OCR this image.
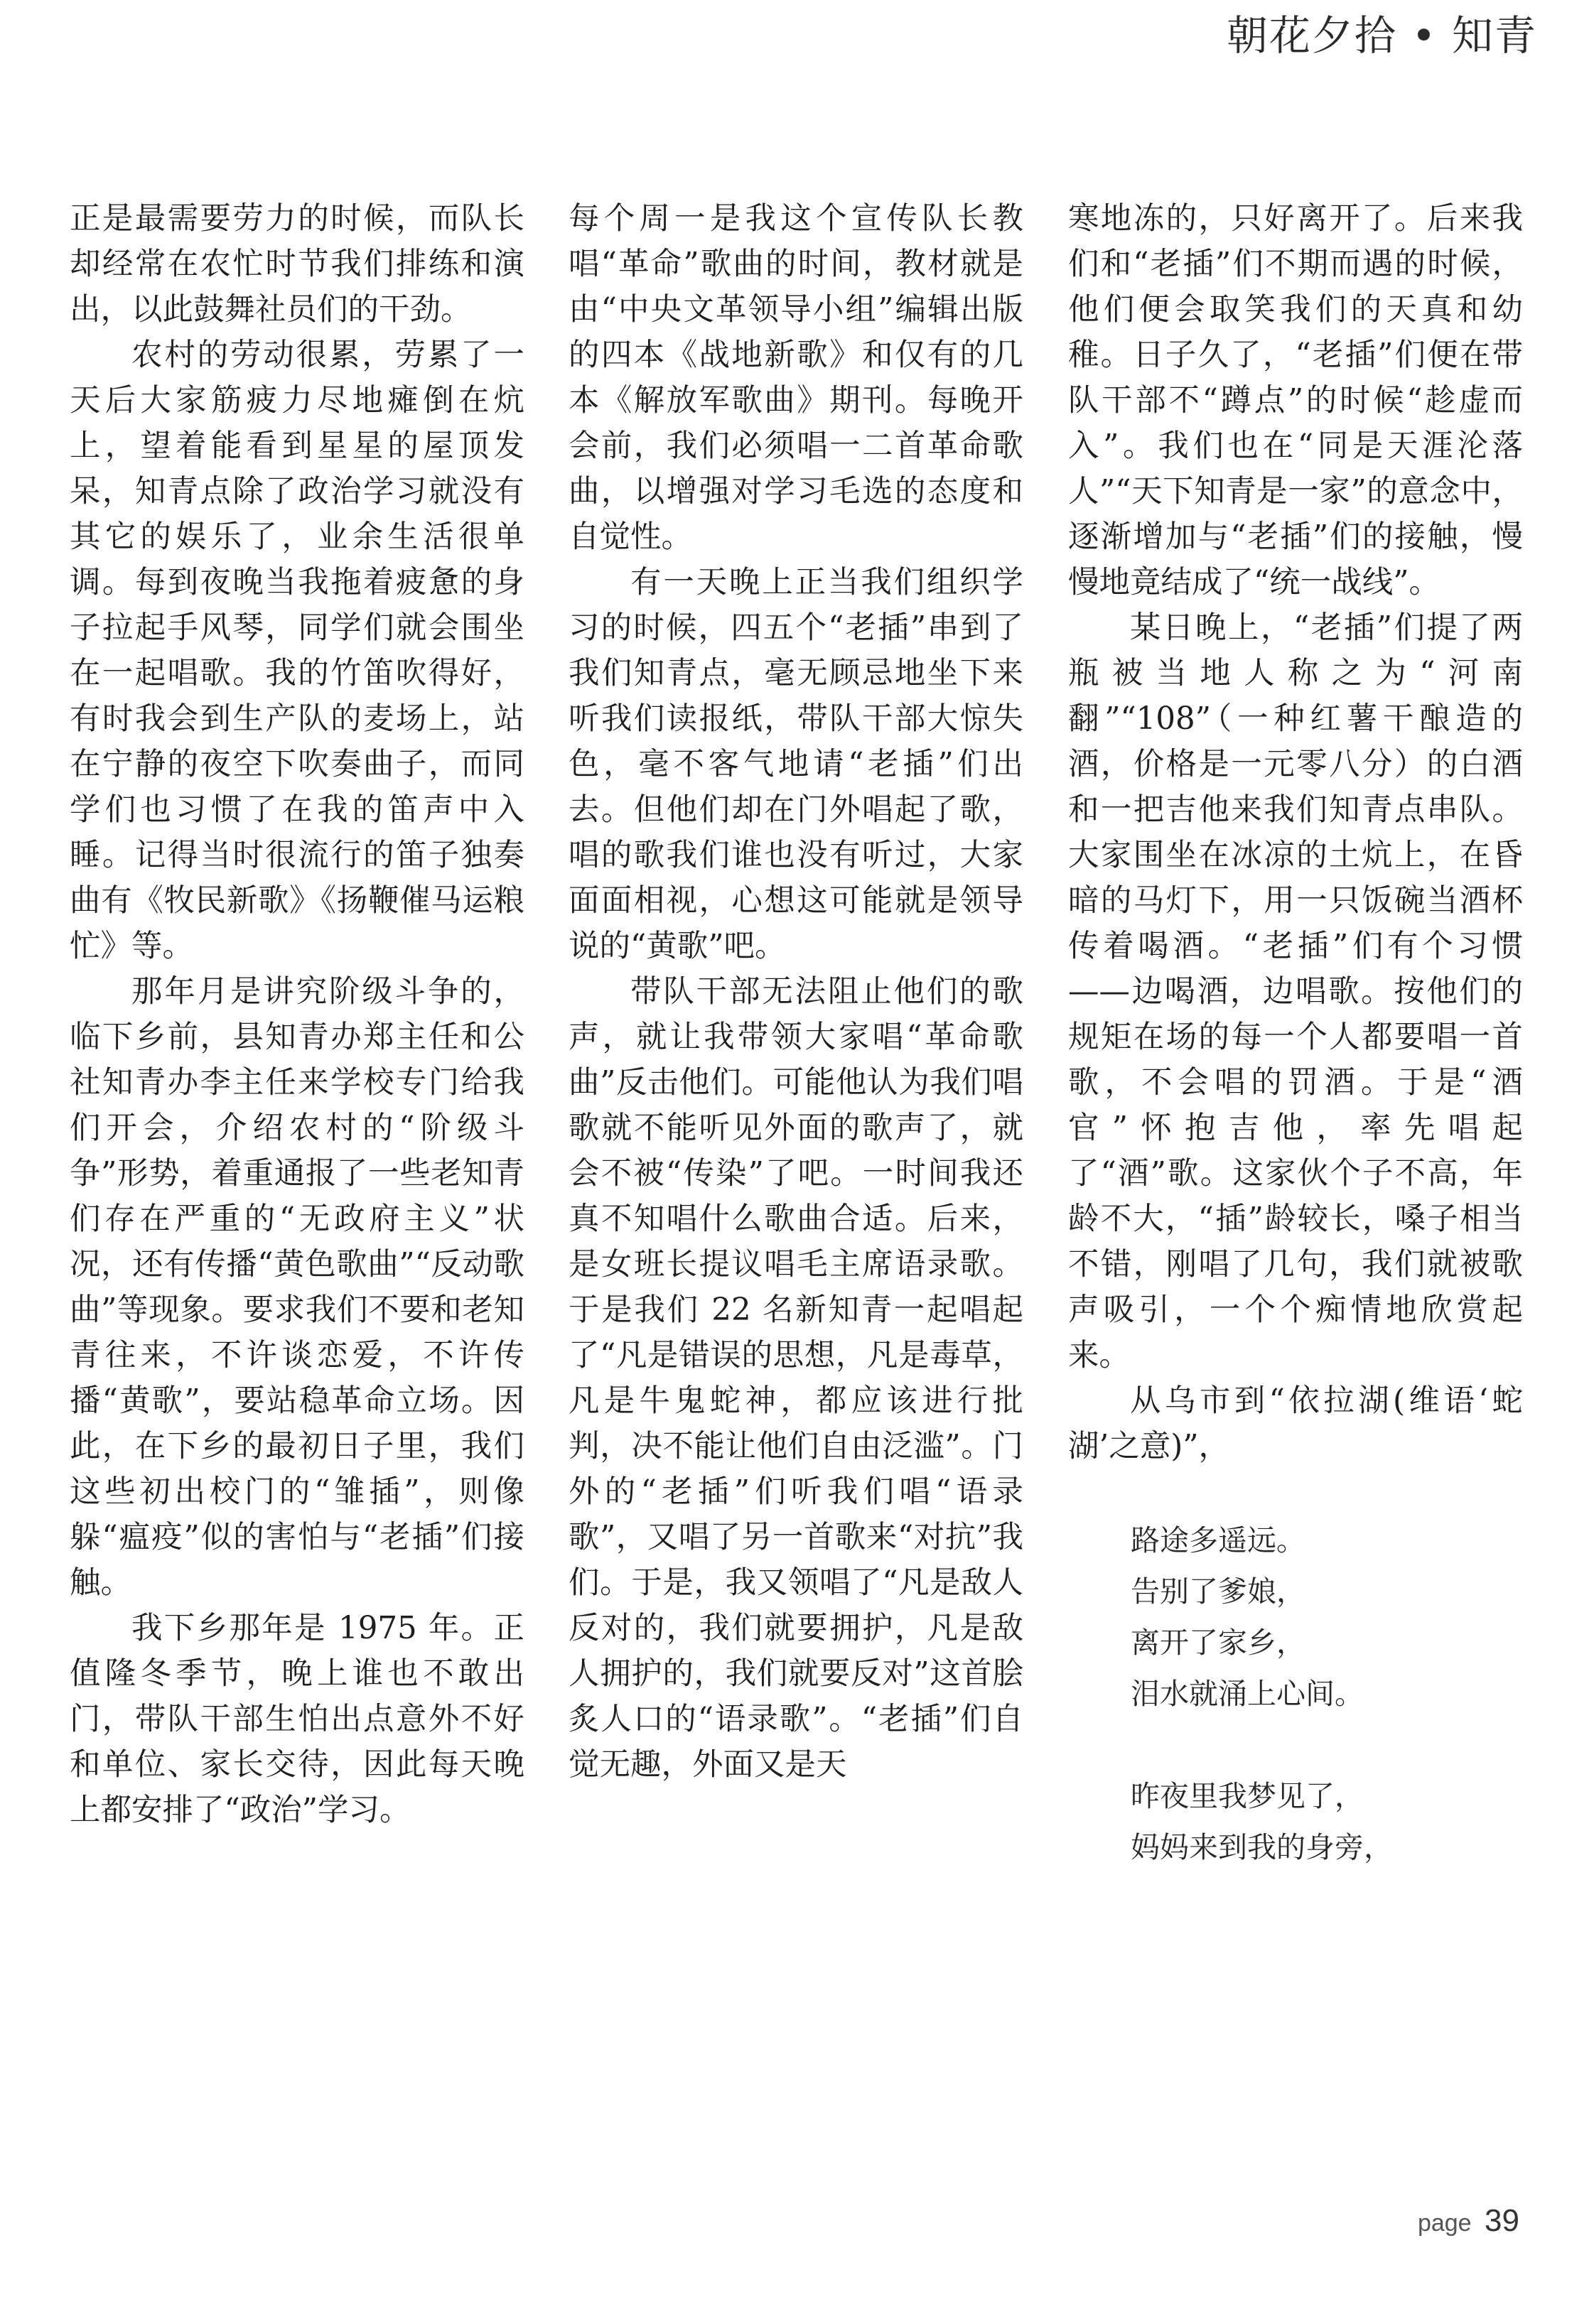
朝花夕拾 • 知青

正是最需要劳力的时候，而队长却经常在农忙时节我们排练和演出，以此鼓舞社员们的干劲。

农村的劳动很累，劳累了一天后大家筋疲力尽地瘫倒在炕上，望着能看到星星的屋顶发呆，知青点除了政治学习就没有其它的娱乐了，业余生活很单调。每到夜晚当我拖着疲惫的身子拉起手风琴，同学们就会围坐在一起唱歌。我的竹笛吹得好，有时我会到生产队的麦场上，站在宁静的夜空下吹奏曲子，而同学们也习惯了在我的笛声中入睡。记得当时很流行的笛子独奏曲有《牧民新歌》《扬鞭催马运粮忙》等。

那年月是讲究阶级斗争的，临下乡前，县知青办郑主任和公社知青办李主任来学校专门给我们开会，介绍农村的“阶级斗争”形势，着重通报了一些老知青们存在严重的“无政府主义”状况，还有传播“黄色歌曲”“反动歌曲”等现象。要求我们不要和老知青往来，不许谈恋爱，不许传播“黄歌”，要站稳革命立场。因此，在下乡的最初日子里，我们这些初出校门的“雏插”，则像躲“瘟疫”似的害怕与“老插”们接触。

我下乡那年是 1975 年。正值隆冬季节，晚上谁也不敢出门，带队干部生怕出点意外不好和单位、家长交待，因此每天晚上都安排了“政治”学习。

每个周一是我这个宣传队长教唱“革命”歌曲的时间，教材就是由“中央文革领导小组”编辑出版的四本《战地新歌》和仅有的几本《解放军歌曲》期刊。每晚开会前，我们必须唱一二首革命歌曲，以增强对学习毛选的态度和自觉性。

有一天晚上正当我们组织学习的时候，四五个“老插”串到了我们知青点，毫无顾忌地坐下来听我们读报纸，带队干部大惊失色，毫不客气地请“老插”们出去。但他们却在门外唱起了歌，唱的歌我们谁也没有听过，大家面面相视，心想这可能就是领导说的“黄歌”吧。

带队干部无法阻止他们的歌声，就让我带领大家唱“革命歌曲”反击他们。可能他认为我们唱歌就不能听见外面的歌声了，就会不被“传染”了吧。一时间我还真不知唱什么歌曲合适。后来，是女班长提议唱毛主席语录歌。于是我们 22 名新知青一起唱起了“凡是错误的思想，凡是毒草，凡是牛鬼蛇神，都应该进行批判，决不能让他们自由泛滥”。门外的“老插”们听我们唱“语录歌”，又唱了另一首歌来“对抗”我们。于是，我又领唱了“凡是敌人反对的，我们就要拥护，凡是敌人拥护的，我们就要反对”这首脍炙人口的“语录歌”。“老插”们自觉无趣，外面又是天

寒地冻的，只好离开了。后来我们和“老插”们不期而遇的时候，他们便会取笑我们的天真和幼稚。日子久了，“老插”们便在带队干部不“蹲点”的时候“趁虚而入”。我们也在“同是天涯沦落人”“天下知青是一家”的意念中，逐渐增加与“老插”们的接触，慢慢地竟结成了“统一战线”。

某日晚上，“老插”们提了两瓶被当地人称之为“河南翻”“108”（一种红薯干酿造的酒，价格是一元零八分）的白酒和一把吉他来我们知青点串队。大家围坐在冰凉的土炕上，在昏暗的马灯下，用一只饭碗当酒杯传着喝酒。“老插”们有个习惯——边喝酒，边唱歌。按他们的规矩在场的每一个人都要唱一首歌，不会唱的罚酒。于是“酒官”怀抱吉他，率先唱起了“酒”歌。这家伙个子不高，年龄不大，“插”龄较长，嗓子相当不错，刚唱了几句，我们就被歌声吸引，一个个痴情地欣赏起来。

从乌市到“依拉湖(维语‘蛇湖’之意)”，

路途多遥远。
告别了爹娘，
离开了家乡，
泪水就涌上心间。
昨夜里我梦见了，
妈妈来到我的身旁，
page 39
